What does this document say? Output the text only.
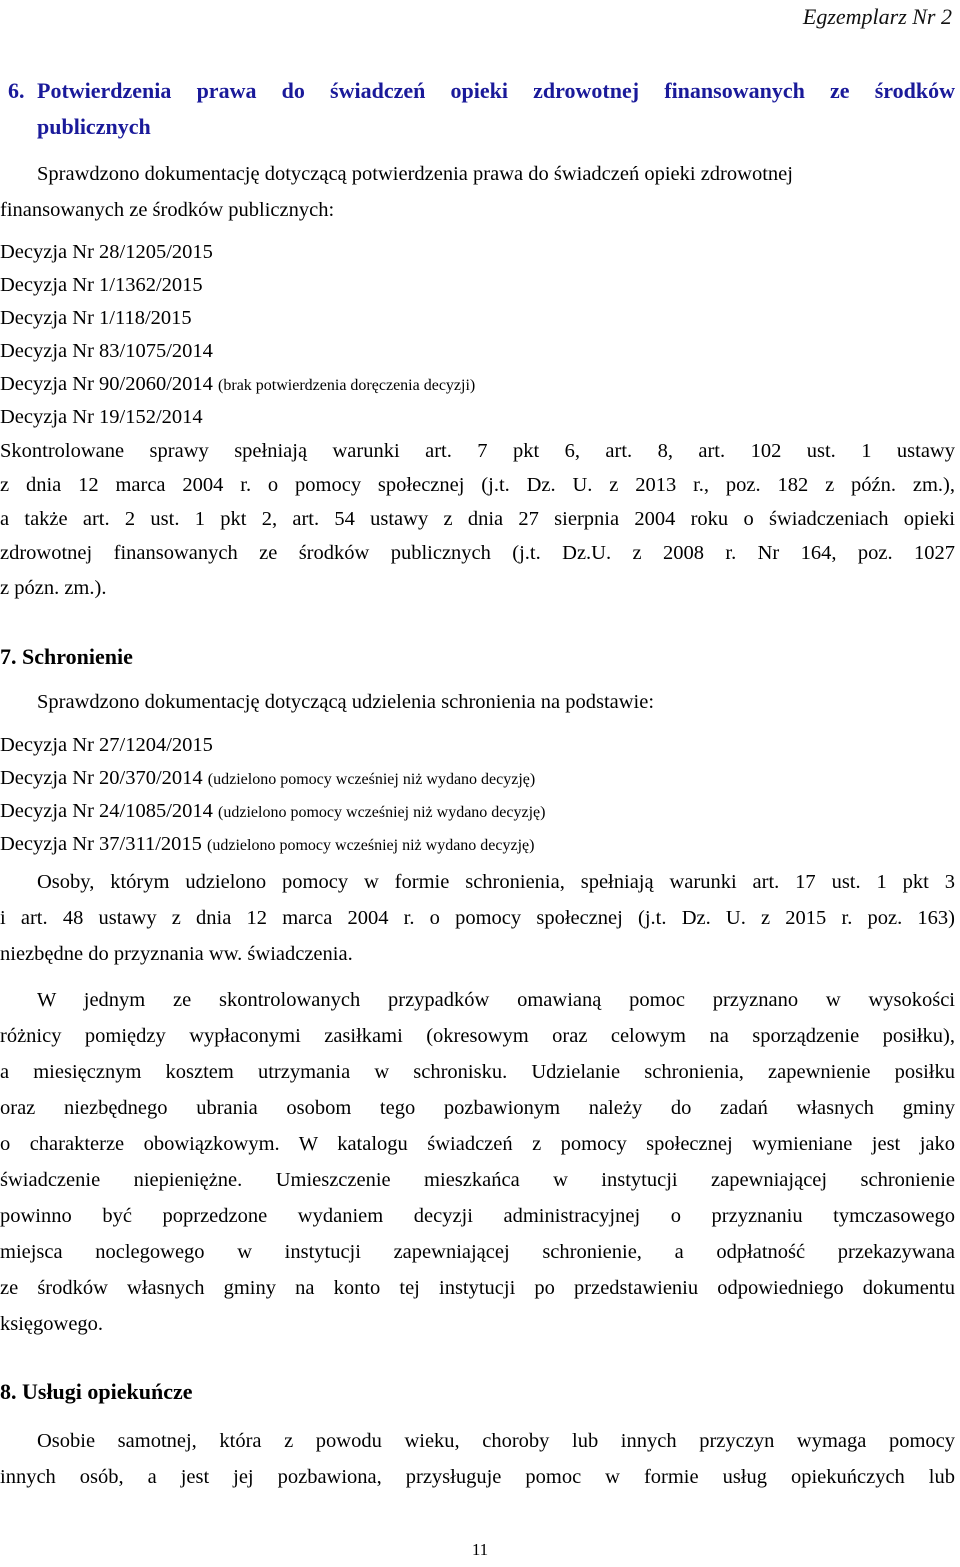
Egzemplarz Nr 2
6. Potwierdzenia prawa do świadczeń opieki zdrowotnej finansowanych ze środków
publicznych
Sprawdzono dokumentację dotyczącą potwierdzenia prawa do świadczeń opieki zdrowotnej
finansowanych ze środków publicznych:
Decyzja Nr 28/1205/2015
Decyzja Nr 1/1362/2015
Decyzja Nr 1/118/2015
Decyzja Nr 83/1075/2014
Decyzja Nr 90/2060/2014 (brak potwierdzenia doręczenia decyzji)
Decyzja Nr 19/152/2014
Skontrolowane sprawy spełniają warunki art. 7 pkt 6, art. 8, art. 102 ust. 1 ustawy
z dnia 12 marca 2004 r. o pomocy społecznej (j.t. Dz. U. z 2013 r., poz. 182 z późn. zm.),
a także art. 2 ust. 1 pkt 2, art. 54 ustawy z dnia 27 sierpnia 2004 roku o świadczeniach opieki
zdrowotnej finansowanych ze środków publicznych (j.t. Dz.U. z 2008 r. Nr 164, poz. 1027
z pózn. zm.).
7. Schronienie
Sprawdzono dokumentację dotyczącą udzielenia schronienia na podstawie:
Decyzja Nr 27/1204/2015
Decyzja Nr 20/370/2014 (udzielono pomocy wcześniej niż wydano decyzję)
Decyzja Nr 24/1085/2014 (udzielono pomocy wcześniej niż wydano decyzję)
Decyzja Nr 37/311/2015 (udzielono pomocy wcześniej niż wydano decyzję)
Osoby, którym udzielono pomocy w formie schronienia, spełniają warunki art. 17 ust. 1 pkt 3
i art. 48 ustawy z dnia 12 marca 2004 r. o pomocy społecznej (j.t. Dz. U. z 2015 r. poz. 163)
niezbędne do przyznania ww. świadczenia.
W jednym ze skontrolowanych przypadków omawianą pomoc przyznano w wysokości
różnicy pomiędzy wypłaconymi zasiłkami (okresowym oraz celowym na sporządzenie posiłku),
a miesięcznym kosztem utrzymania w schronisku. Udzielanie schronienia, zapewnienie posiłku
oraz niezbędnego ubrania osobom tego pozbawionym należy do zadań własnych gminy
o charakterze obowiązkowym. W katalogu świadczeń z pomocy społecznej wymieniane jest jako
świadczenie niepieniężne. Umieszczenie mieszkańca w instytucji zapewniającej schronienie
powinno być poprzedzone wydaniem decyzji administracyjnej o przyznaniu tymczasowego
miejsca noclegowego w instytucji zapewniającej schronienie, a odpłatność przekazywana
ze środków własnych gminy na konto tej instytucji po przedstawieniu odpowiedniego dokumentu
księgowego.
8. Usługi opiekuńcze
Osobie samotnej, która z powodu wieku, choroby lub innych przyczyn wymaga pomocy
innych osób, a jest jej pozbawiona, przysługuje pomoc w formie usług opiekuńczych lub
11
